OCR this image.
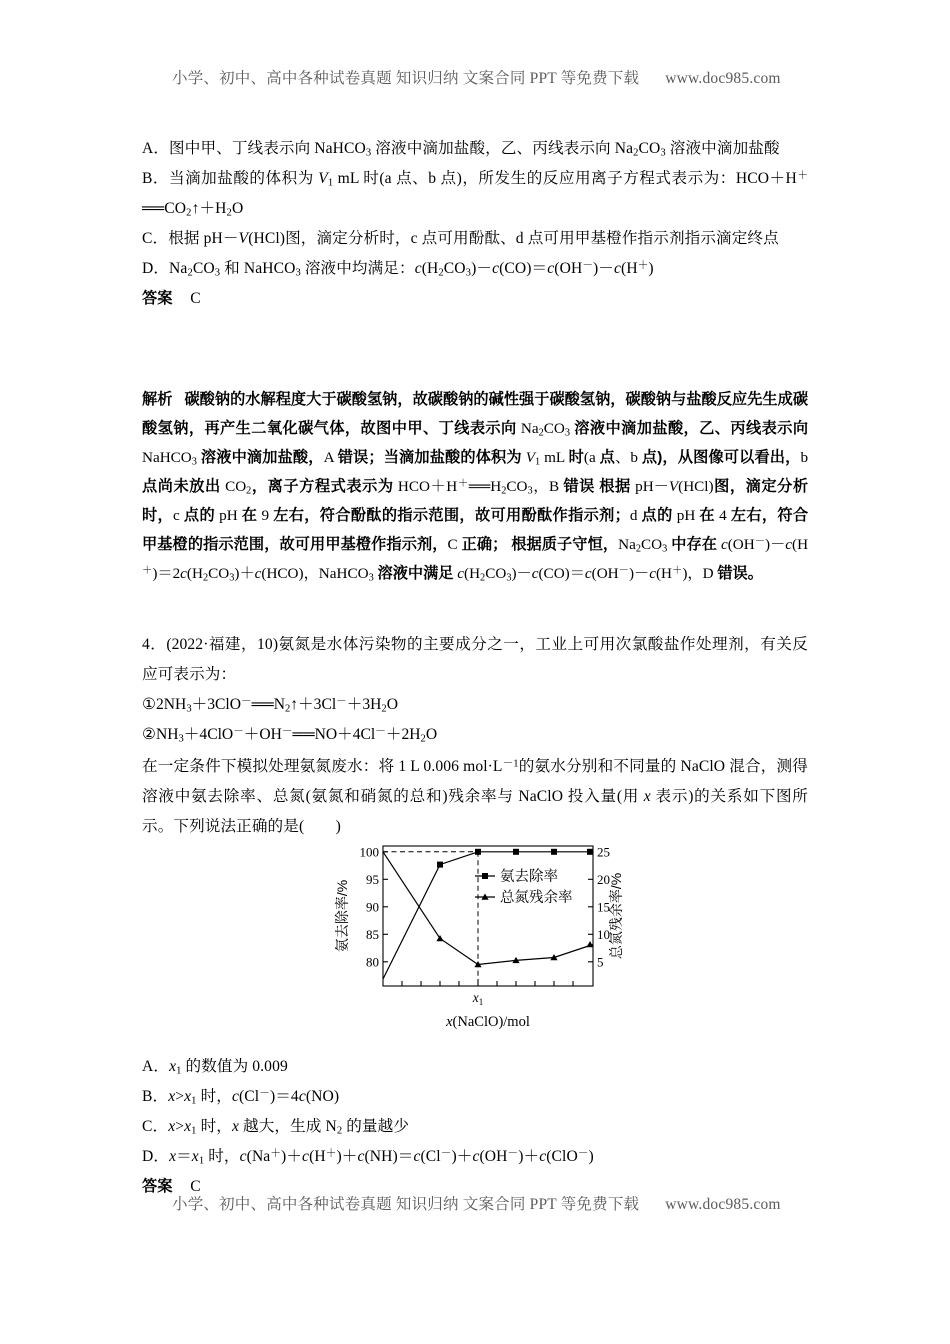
小学、初中、高中各种试卷真题 知识归纳 文案合同 PPT 等免费下载 www.doc985.com
A．图中甲、丁线表示向 NaHCO$_3$ 溶液中滴加盐酸，乙、丙线表示向 $Na_2CO_3$ 溶液中滴加盐酸
B．当滴加盐酸的体积为 $V_1$ mL 时(a 点、b 点)，所发生的反应用离子方程式表示为：$HCO+H^+══CO_2↑+H_2O$
C．根据 pH－V(HCl)图，滴定分析时，c 点可用酚酞、d 点可用甲基橙作指示剂指示滴定终点
D．$Na_2CO_3$ 和 NaHCO$_3$ 溶液中均满足：$c(H_2CO_3)-c(CO)=c(OH^-)-c(H^+)$
答案 C
解析 碳酸钠的水解程度大于碳酸氢钠，故碳酸钠的碱性强于碳酸氢钠，碳酸钠与盐酸反应先生成碳酸氢钠，再产生二氧化碳气体，故图中甲、丁线表示向 $Na_2CO_3$ 溶液中滴加盐酸，乙、丙线表示向 NaHCO$_3$ 溶液中滴加盐酸，A 错误；当滴加盐酸的体积为 $V_1$ mL 时(a 点、b 点)，从图像可以看出，b 点尚未放出 $CO_2$，离子方程式表示为 $HCO+H^+══H_2CO_3$，B 错误 根据 pH－V(HCl)图，滴定分析时，c 点的 pH 在 9 左右，符合酚酞的指示范围，故可用酚酞作指示剂；d 点的 pH 在 4 左右，符合甲基橙的指示范围，故可用甲基橙作指示剂，C 正确； 根据质子守恒，$Na_2CO_3$ 中存在 $c(OH^-)-c(H^+)=2c(H_2CO_3)+c(HCO)$，NaHCO$_3$ 溶液中满足 $c(H_2CO_3)-c(CO)=c(OH^-)-c(H^+)$，D 错误。
4．(2022·福建，10)氨氮是水体污染物的主要成分之一，工业上可用次氯酸盐作处理剂，有关反应可表示为：
$①2NH_3+3ClO^-══N_2↑+3Cl^-+3H_2O$
$②NH_3+4ClO^-+OH^-══NO+4Cl^-+2H_2O$
在一定条件下模拟处理氨氮废水：将 1 L 0.006 $mol\cdot L^{-1}$的氨水分别和不同量的 NaClO 混合，测得溶液中氨去除率、总氮(氨氮和硝氮的总和)残余率与 NaClO 投入量(用 x 表示)的关系如下图所示。下列说法正确的是(　　)
100
95
90
85
80
25
20
15
10
5
氨去除率
总氮残余率
$x_1$
x(NaClO)/mol
氨去除率/%	总氮残余率/%
A．$x_1$ 的数值为 0.009
B．$x>x_1$ 时，c(Cl－)＝4c(NO)
C．$x>x_1$ 时，x 越大，生成 $N_2$ 的量越少
D．$x=x_1$ 时，c(Na＋)＋c(H＋)＋c(NH)＝c(Cl－)＋c(OH－)＋c(ClO－)
答案 C
小学、初中、高中各种试卷真题 知识归纳 文案合同 PPT 等免费下载 www.doc985.com
